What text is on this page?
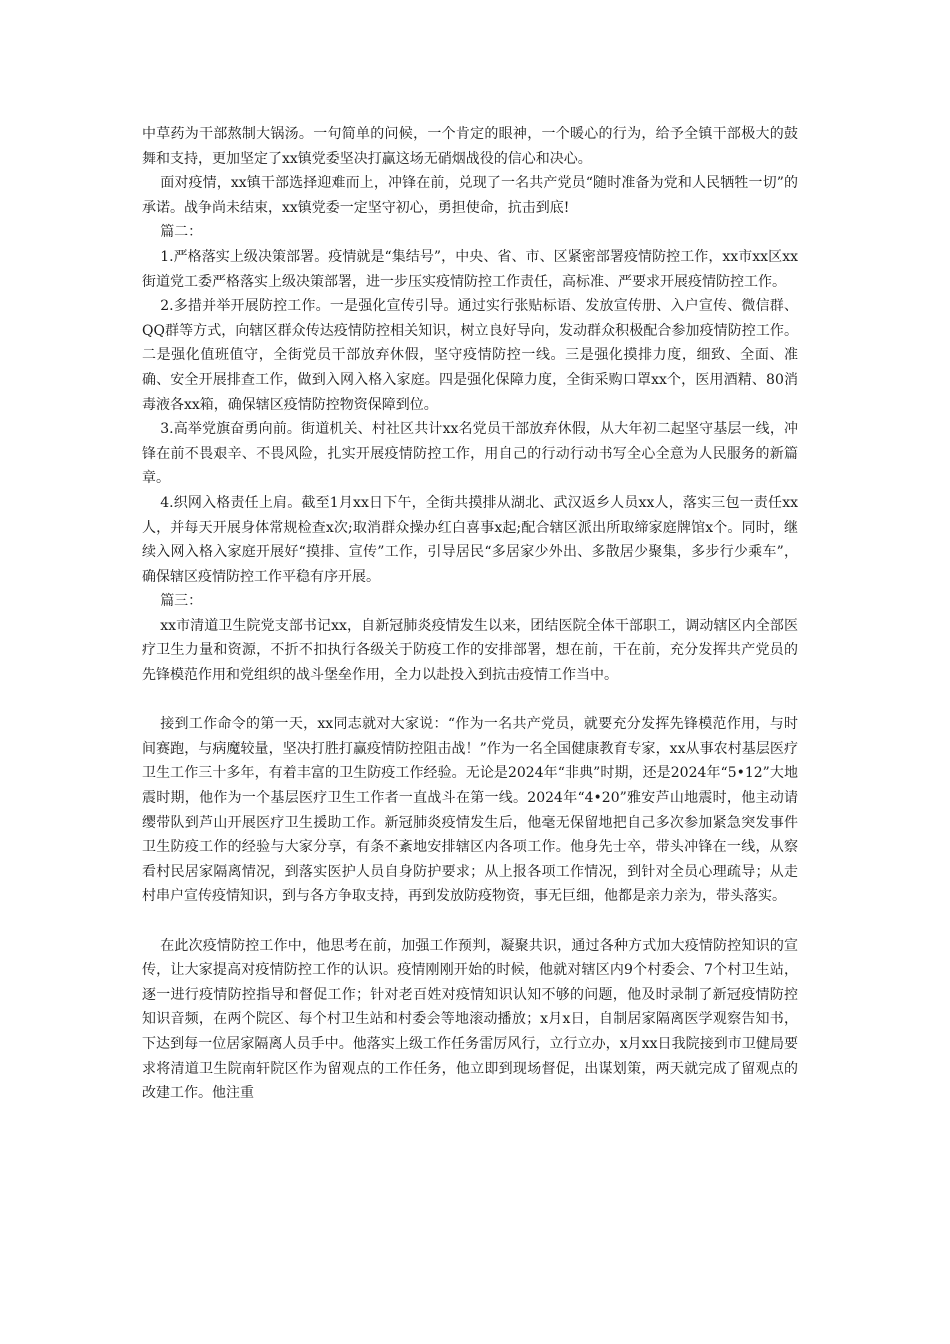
中草药为干部熬制大锅汤。一句简单的问候，一个肯定的眼神，一个暖心的行为，给予全镇干部极大的鼓舞和支持，更加坚定了xx镇党委坚决打赢这场无硝烟战役的信心和决心。

面对疫情，xx镇干部选择迎难而上，冲锋在前，兑现了一名共产党员“随时准备为党和人民牺牲一切”的承诺。战争尚未结束，xx镇党委一定坚守初心，勇担使命，抗击到底!

篇二：

1.严格落实上级决策部署。疫情就是“集结号”，中央、省、市、区紧密部署疫情防控工作，xx市xx区xx街道党工委严格落实上级决策部署，进一步压实疫情防控工作责任，高标准、严要求开展疫情防控工作。

2.多措并举开展防控工作。一是强化宣传引导。通过实行张贴标语、发放宣传册、入户宣传、微信群、QQ群等方式，向辖区群众传达疫情防控相关知识，树立良好导向，发动群众积极配合参加疫情防控工作。二是强化值班值守，全街党员干部放弃休假，坚守疫情防控一线。三是强化摸排力度，细致、全面、准确、安全开展排查工作，做到入网入格入家庭。四是强化保障力度，全街采购口罩xx个，医用酒精、80消毒液各xx箱，确保辖区疫情防控物资保障到位。

3.高举党旗奋勇向前。街道机关、村社区共计xx名党员干部放弃休假，从大年初二起坚守基层一线，冲锋在前不畏艰辛、不畏风险，扎实开展疫情防控工作，用自己的行动行动书写全心全意为人民服务的新篇章。

4.织网入格责任上肩。截至1月xx日下午，全街共摸排从湖北、武汉返乡人员xx人，落实三包一责任xx人，并每天开展身体常规检查x次;取消群众操办红白喜事x起;配合辖区派出所取缔家庭牌馆x个。同时，继续入网入格入家庭开展好“摸排、宣传”工作，引导居民“多居家少外出、多散居少聚集，多步行少乘车”，确保辖区疫情防控工作平稳有序开展。

篇三：

xx市清道卫生院党支部书记xx，自新冠肺炎疫情发生以来，团结医院全体干部职工，调动辖区内全部医疗卫生力量和资源，不折不扣执行各级关于防疫工作的安排部署，想在前，干在前，充分发挥共产党员的先锋模范作用和党组织的战斗堡垒作用，全力以赴投入到抗击疫情工作当中。

接到工作命令的第一天，xx同志就对大家说：“作为一名共产党员，就要充分发挥先锋模范作用，与时间赛跑，与病魔较量，坚决打胜打赢疫情防控阻击战！”作为一名全国健康教育专家，xx从事农村基层医疗卫生工作三十多年，有着丰富的卫生防疫工作经验。无论是2024年“非典”时期，还是2024年“5•12”大地震时期，他作为一个基层医疗卫生工作者一直战斗在第一线。2024年“4•20”雅安芦山地震时，他主动请缨带队到芦山开展医疗卫生援助工作。新冠肺炎疫情发生后，他毫无保留地把自己多次参加紧急突发事件卫生防疫工作的经验与大家分享，有条不紊地安排辖区内各项工作。他身先士卒，带头冲锋在一线，从察看村民居家隔离情况，到落实医护人员自身防护要求；从上报各项工作情况，到针对全员心理疏导；从走村串户宣传疫情知识，到与各方争取支持，再到发放防疫物资，事无巨细，他都是亲力亲为，带头落实。

在此次疫情防控工作中，他思考在前，加强工作预判，凝聚共识，通过各种方式加大疫情防控知识的宣传，让大家提高对疫情防控工作的认识。疫情刚刚开始的时候，他就对辖区内9个村委会、7个村卫生站，逐一进行疫情防控指导和督促工作；针对老百姓对疫情知识认知不够的问题，他及时录制了新冠疫情防控知识音频，在两个院区、每个村卫生站和村委会等地滚动播放；x月x日，自制居家隔离医学观察告知书，下达到每一位居家隔离人员手中。他落实上级工作任务雷厉风行，立行立办，x月xx日我院接到市卫健局要求将清道卫生院南轩院区作为留观点的工作任务，他立即到现场督促，出谋划策，两天就完成了留观点的改建工作。他注重
